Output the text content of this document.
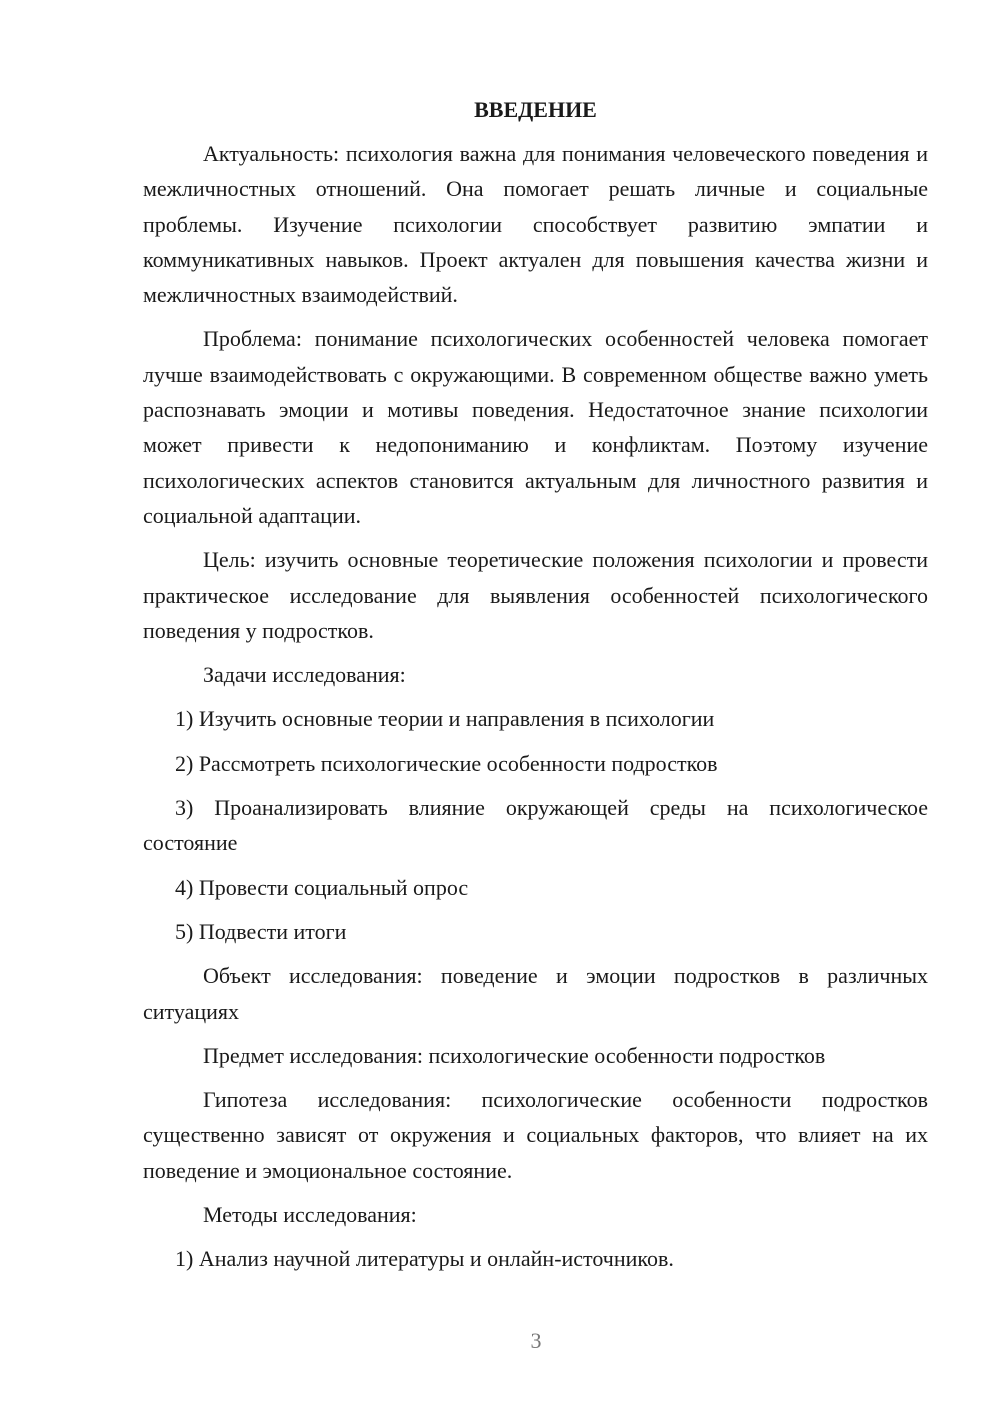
ВВЕДЕНИЕ

Актуальность: психология важна для понимания человеческого поведения и межличностных отношений. Она помогает решать личные и социальные проблемы. Изучение психологии способствует развитию эмпатии и коммуникативных навыков. Проект актуален для повышения качества жизни и межличностных взаимодействий.

Проблема: понимание психологических особенностей человека помогает лучше взаимодействовать с окружающими. В современном обществе важно уметь распознавать эмоции и мотивы поведения. Недостаточное знание психологии может привести к недопониманию и конфликтам. Поэтому изучение психологических аспектов становится актуальным для личностного развития и социальной адаптации.

Цель: изучить основные теоретические положения психологии и провести практическое исследование для выявления особенностей психологического поведения у подростков.

Задачи исследования:

1) Изучить основные теории и направления в психологии

2) Рассмотреть психологические особенности подростков

3) Проанализировать влияние окружающей среды на психологическое состояние

4) Провести социальный опрос

5) Подвести итоги

Объект исследования: поведение и эмоции подростков в различных ситуациях

Предмет исследования: психологические особенности подростков

Гипотеза исследования: психологические особенности подростков существенно зависят от окружения и социальных факторов, что влияет на их поведение и эмоциональное состояние.

Методы исследования:

1) Анализ научной литературы и онлайн-источников.

3
